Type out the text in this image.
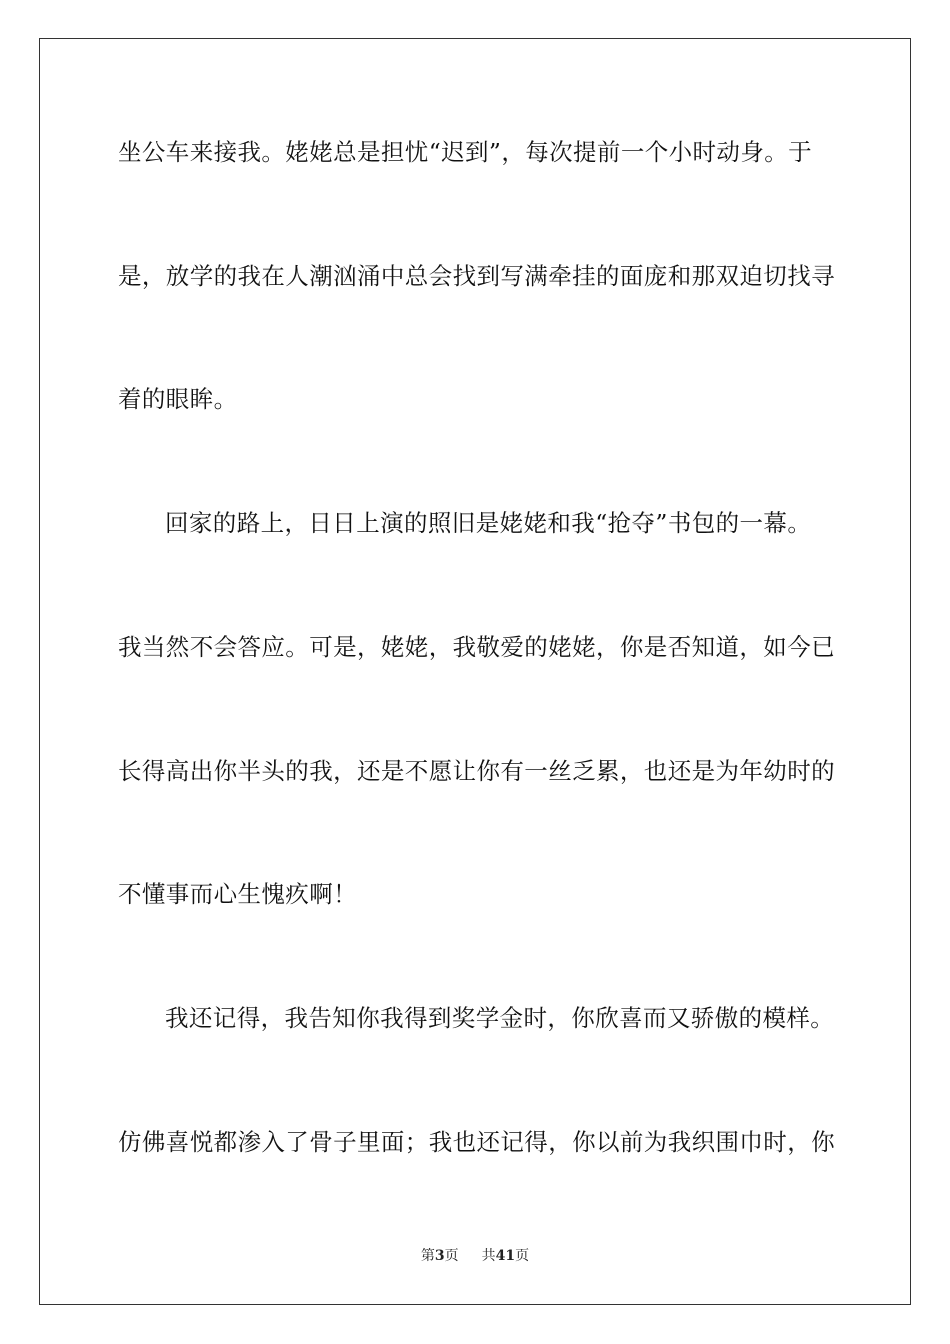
坐公车来接我。姥姥总是担忧“迟到”，每次提前一个小时动身。于
是，放学的我在人潮汹涌中总会找到写满牵挂的面庞和那双迫切找寻
着的眼眸。
回家的路上，日日上演的照旧是姥姥和我“抢夺”书包的一幕。
我当然不会答应。可是，姥姥，我敬爱的姥姥，你是否知道，如今已
长得高出你半头的我，还是不愿让你有一丝乏累，也还是为年幼时的
不懂事而心生愧疚啊！
我还记得，我告知你我得到奖学金时，你欣喜而又骄傲的模样。
仿佛喜悦都渗入了骨子里面；我也还记得，你以前为我织围巾时，你
第3页 共41页
